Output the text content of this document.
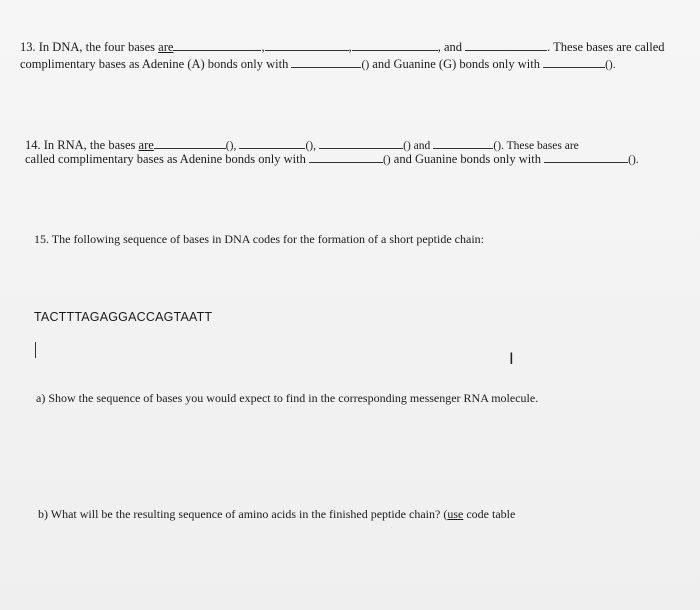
13. In DNA, the four bases are	,	,	, and	. These bases are called
complimentary bases as Adenine (A) bonds only with	() and Guanine (G) bonds only with	().
14. In RNA, the bases are	(),	(),	() and	(). These bases are
called complimentary bases as Adenine bonds only with	() and Guanine bonds only with	().
15. The following sequence of bases in DNA codes for the formation of a short peptide chain:
TACTTTAGAGGACCAGTAATT
I
a) Show the sequence of bases you would expect to find in the corresponding messenger RNA molecule.
b) What will be the resulting sequence of amino acids in the finished peptide chain? (use code table
